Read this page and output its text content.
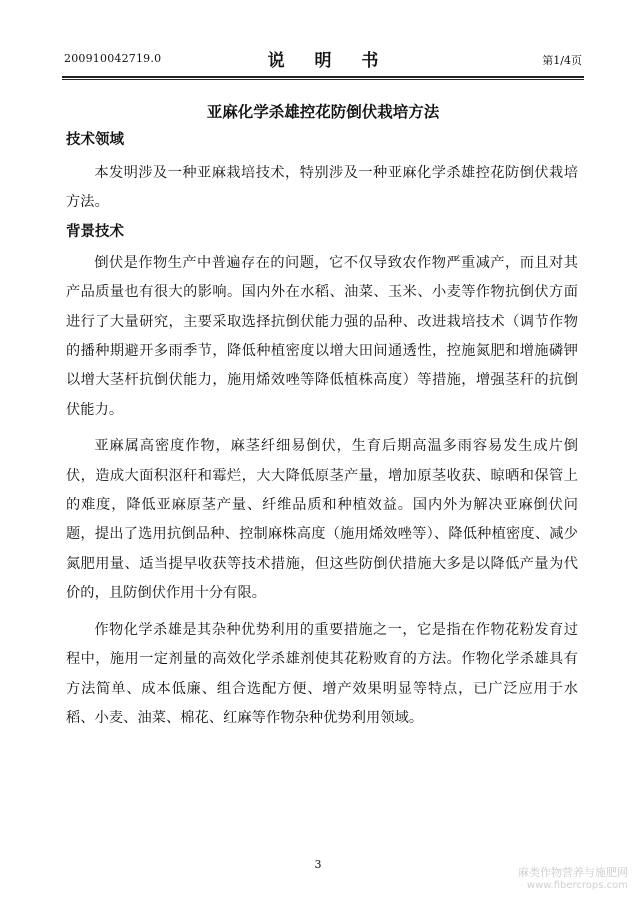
200910042719.0	说 明 书	第1/4页
亚麻化学杀雄控花防倒伏栽培方法

技术领域

本发明涉及一种亚麻栽培技术，特别涉及一种亚麻化学杀雄控花防倒伏栽培方法。

背景技术

倒伏是作物生产中普遍存在的问题，它不仅导致农作物严重减产，而且对其产品质量也有很大的影响。国内外在水稻、油菜、玉米、小麦等作物抗倒伏方面进行了大量研究，主要采取选择抗倒伏能力强的品种、改进栽培技术（调节作物的播种期避开多雨季节，降低种植密度以增大田间通透性，控施氮肥和增施磷钾以增大茎杆抗倒伏能力，施用烯效唑等降低植株高度）等措施，增强茎秆的抗倒伏能力。

亚麻属高密度作物，麻茎纤细易倒伏，生育后期高温多雨容易发生成片倒伏，造成大面积沤秆和霉烂，大大降低原茎产量，增加原茎收获、晾晒和保管上的难度，降低亚麻原茎产量、纤维品质和种植效益。国内外为解决亚麻倒伏问题，提出了选用抗倒品种、控制麻株高度（施用烯效唑等）、降低种植密度、减少氮肥用量、适当提早收获等技术措施，但这些防倒伏措施大多是以降低产量为代价的，且防倒伏作用十分有限。

作物化学杀雄是其杂种优势利用的重要措施之一，它是指在作物花粉发育过程中，施用一定剂量的高效化学杀雄剂使其花粉败育的方法。作物化学杀雄具有方法简单、成本低廉、组合选配方便、增产效果明显等特点，已广泛应用于水稻、小麦、油菜、棉花、红麻等作物杂种优势利用领域。

3
麻类作物营养与施肥网
www.fibercrops.com
